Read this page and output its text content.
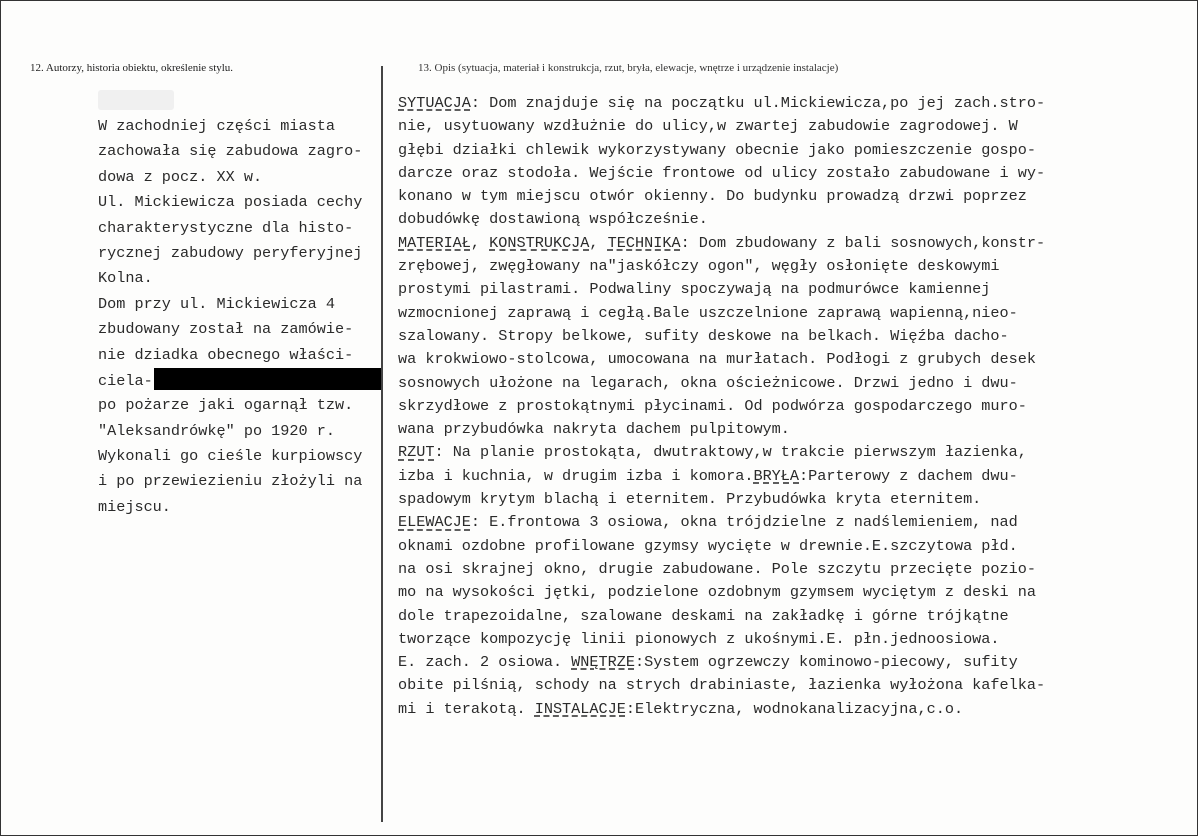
12. Autorzy, historia obiektu, określenie stylu.	13. Opis (sytuacja, materiał i konstrukcja, rzut, bryła, elewacje, wnętrze i urządzenie instalacje)
W zachodniej części miasta
zachowała się zabudowa zagro-
dowa z pocz. XX w.
Ul. Mickiewicza posiada cechy
charakterystyczne dla histo-
rycznej zabudowy peryferyjnej
Kolna.
Dom przy ul. Mickiewicza 4
zbudowany został na zamówie-
nie dziadka obecnego właści-
ciela-
po pożarze jaki ogarnął tzw.
"Aleksandrówkę" po 1920 r.
Wykonali go cieśle kurpiowscy
i po przewiezieniu złożyli na
miejscu.
SYTUACJA: Dom znajduje się na początku ul.Mickiewicza,po jej zach.stro-
nie, usytuowany wzdłużnie do ulicy,w zwartej zabudowie zagrodowej. W
głębi działki chlewik wykorzystywany obecnie jako pomieszczenie gospo-
darcze oraz stodoła. Wejście frontowe od ulicy zostało zabudowane i wy-
konano w tym miejscu otwór okienny. Do budynku prowadzą drzwi poprzez
dobudówkę dostawioną współcześnie.
MATERIAŁ, KONSTRUKCJA, TECHNIKA: Dom zbudowany z bali sosnowych,konstr-
zrębowej, zwęgłowany na"jaskółczy ogon", węgły osłonięte deskowymi
prostymi pilastrami. Podwaliny spoczywają na podmurówce kamiennej
wzmocnionej zaprawą i cegłą.Bale uszczelnione zaprawą wapienną,nieo-
szalowany. Stropy belkowe, sufity deskowe na belkach. Więźba dacho-
wa krokwiowo-stolcowa, umocowana na murłatach. Podłogi z grubych desek
sosnowych ułożone na legarach, okna ościeżnicowe. Drzwi jedno i dwu-
skrzydłowe z prostokątnymi płycinami. Od podwórza gospodarczego muro-
wana przybudówka nakryta dachem pulpitowym.
RZUT: Na planie prostokąta, dwutraktowy,w trakcie pierwszym łazienka,
izba i kuchnia, w drugim izba i komora.BRYŁA:Parterowy z dachem dwu-
spadowym krytym blachą i eternitem. Przybudówka kryta eternitem.
ELEWACJE: E.frontowa 3 osiowa, okna trójdzielne z nadślemieniem, nad
oknami ozdobne profilowane gzymsy wycięte w drewnie.E.szczytowa płd.
na osi skrajnej okno, drugie zabudowane. Pole szczytu przecięte pozio-
mo na wysokości jętki, podzielone ozdobnym gzymsem wyciętym z deski na
dole trapezoidalne, szalowane deskami na zakładkę i górne trójkątne
tworzące kompozycję linii pionowych z ukośnymi.E. płn.jednoosiowa.
E. zach. 2 osiowa. WNĘTRZE:System ogrzewczy kominowo-piecowy, sufity
obite pilśnią, schody na strych drabiniaste, łazienka wyłożona kafelka-
mi i terakotą. INSTALACJE:Elektryczna, wodnokanalizacyjna,c.o.
